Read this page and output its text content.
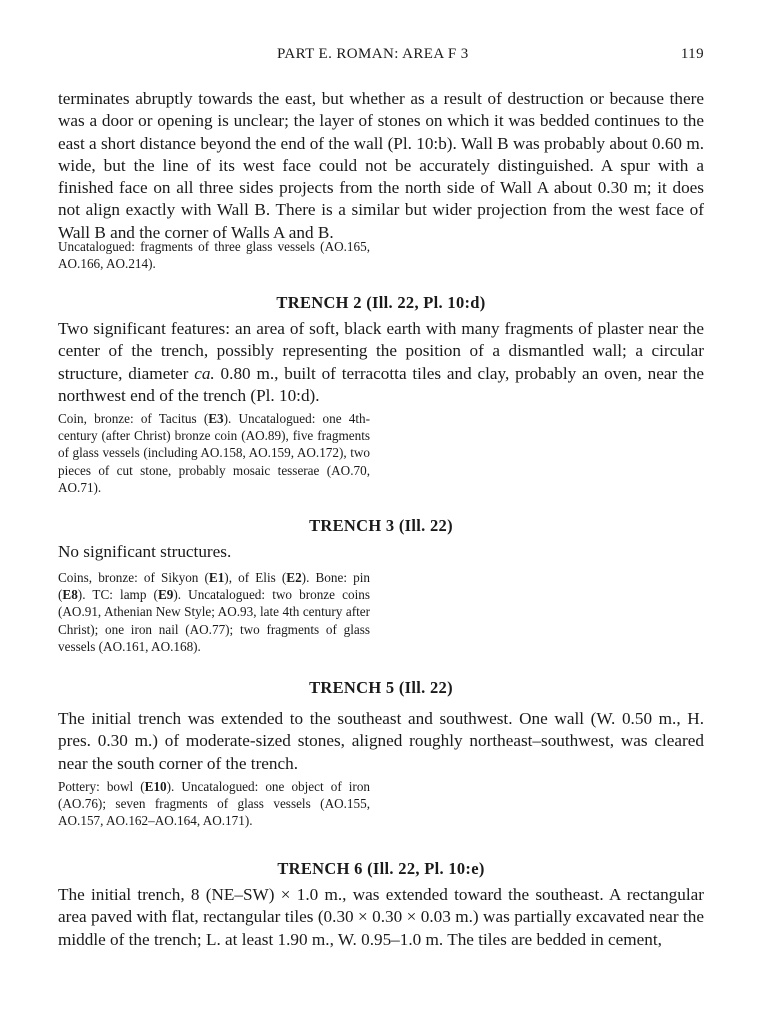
PART E. ROMAN: AREA F 3	119

terminates abruptly towards the east, but whether as a result of destruction or because there was a door or opening is unclear; the layer of stones on which it was bedded continues to the east a short distance beyond the end of the wall (Pl. 10:b). Wall B was probably about 0.60 m. wide, but the line of its west face could not be accurately distinguished. A spur with a finished face on all three sides projects from the north side of Wall A about 0.30 m; it does not align exactly with Wall B. There is a similar but wider projection from the west face of Wall B and the corner of Walls A and B.

Uncatalogued: fragments of three glass vessels (AO.165, AO.166, AO.214).

TRENCH 2 (Ill. 22, Pl. 10:d)

Two significant features: an area of soft, black earth with many fragments of plaster near the center of the trench, possibly representing the position of a dismantled wall; a circular structure, diameter ca. 0.80 m., built of terracotta tiles and clay, probably an oven, near the northwest end of the trench (Pl. 10:d).

Coin, bronze: of Tacitus (E3). Uncatalogued: one 4th-century (after Christ) bronze coin (AO.89), five fragments of glass vessels (including AO.158, AO.159, AO.172), two pieces of cut stone, probably mosaic tesserae (AO.70, AO.71).

TRENCH 3 (Ill. 22)

No significant structures.

Coins, bronze: of Sikyon (E1), of Elis (E2). Bone: pin (E8). TC: lamp (E9). Uncatalogued: two bronze coins (AO.91, Athenian New Style; AO.93, late 4th century after Christ); one iron nail (AO.77); two fragments of glass vessels (AO.161, AO.168).

TRENCH 5 (Ill. 22)

The initial trench was extended to the southeast and southwest. One wall (W. 0.50 m., H. pres. 0.30 m.) of moderate-sized stones, aligned roughly northeast–southwest, was cleared near the south corner of the trench.

Pottery: bowl (E10). Uncatalogued: one object of iron (AO.76); seven fragments of glass vessels (AO.155, AO.157, AO.162–AO.164, AO.171).

TRENCH 6 (Ill. 22, Pl. 10:e)

The initial trench, 8 (NE–SW) × 1.0 m., was extended toward the southeast. A rectangular area paved with flat, rectangular tiles (0.30 × 0.30 × 0.03 m.) was partially excavated near the middle of the trench; L. at least 1.90 m., W. 0.95–1.0 m. The tiles are bedded in cement,
